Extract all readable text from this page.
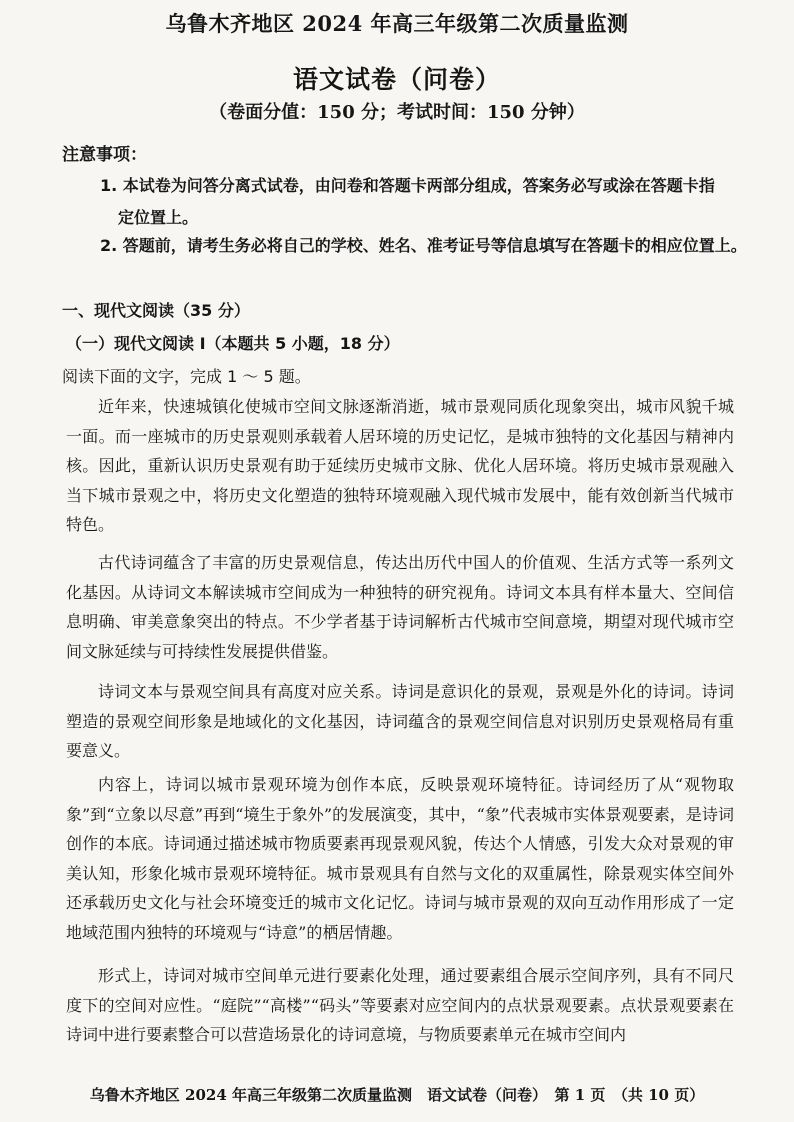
乌鲁木齐地区 2024 年高三年级第二次质量监测
语文试卷（问卷）
（卷面分值：150 分；考试时间：150 分钟）
注意事项：
1. 本试卷为问答分离式试卷，由问卷和答题卡两部分组成，答案务必写或涂在答题卡指
定位置上。
2. 答题前，请考生务必将自己的学校、姓名、准考证号等信息填写在答题卡的相应位置上。
一、现代文阅读（35 分）
（一）现代文阅读 I（本题共 5 小题，18 分）
阅读下面的文字，完成 1 ～ 5 题。
近年来，快速城镇化使城市空间文脉逐渐消逝，城市景观同质化现象突出，城市风貌千城一面。而一座城市的历史景观则承载着人居环境的历史记忆，是城市独特的文化基因与精神内核。因此，重新认识历史景观有助于延续历史城市文脉、优化人居环境。将历史城市景观融入当下城市景观之中，将历史文化塑造的独特环境观融入现代城市发展中，能有效创新当代城市特色。
古代诗词蕴含了丰富的历史景观信息，传达出历代中国人的价值观、生活方式等一系列文化基因。从诗词文本解读城市空间成为一种独特的研究视角。诗词文本具有样本量大、空间信息明确、审美意象突出的特点。不少学者基于诗词解析古代城市空间意境，期望对现代城市空间文脉延续与可持续性发展提供借鉴。
诗词文本与景观空间具有高度对应关系。诗词是意识化的景观，景观是外化的诗词。诗词塑造的景观空间形象是地域化的文化基因，诗词蕴含的景观空间信息对识别历史景观格局有重要意义。
内容上，诗词以城市景观环境为创作本底，反映景观环境特征。诗词经历了从“观物取象”到“立象以尽意”再到“境生于象外”的发展演变，其中，“象”代表城市实体景观要素，是诗词创作的本底。诗词通过描述城市物质要素再现景观风貌，传达个人情感，引发大众对景观的审美认知，形象化城市景观环境特征。城市景观具有自然与文化的双重属性，除景观实体空间外还承载历史文化与社会环境变迁的城市文化记忆。诗词与城市景观的双向互动作用形成了一定地域范围内独特的环境观与“诗意”的栖居情趣。
形式上，诗词对城市空间单元进行要素化处理，通过要素组合展示空间序列，具有不同尺度下的空间对应性。“庭院”“高楼”“码头”等要素对应空间内的点状景观要素。点状景观要素在诗词中进行要素整合可以营造场景化的诗词意境，与物质要素单元在城市空间内
乌鲁木齐地区 2024 年高三年级第二次质量监测　语文试卷（问卷）　第 1 页　（共 10 页）
